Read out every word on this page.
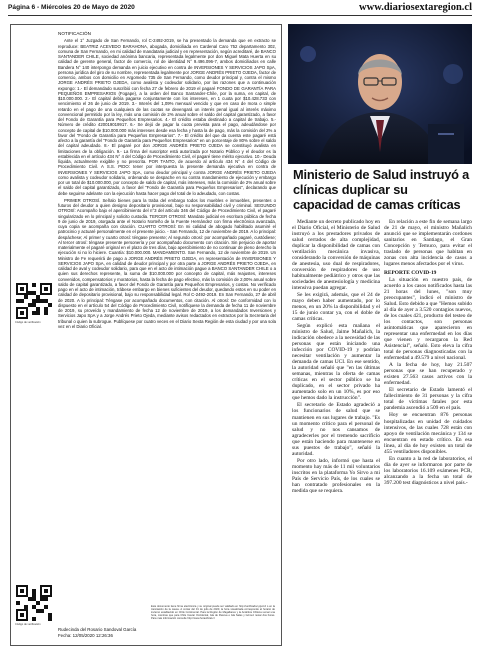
Página 6 - Miércoles 20 de Mayo de 2020	www.diariosextaregion.cl
Código de verificación
Código de verificación
NOTIFICACIÓN

Ante el 1° Juzgado de San Fernando, rol C-2492-2019, se ha presentado la demanda que en extracto se reproduce: BEATRIZ ACEVEDO BARAHONA, abogada, domiciliada en Cardenal Caro 752 departamento 302, comuna de San Fernando, en mi calidad de mandataria judicial y en representación, según acreditaré, de BANCO SANTANDER CHILE, sociedad anónima bancaria, representada legalmente por don Miguel Mata Huerta en su calidad de gerente general, factor de comercio, rol de identidad N° 9.496.096-7, ambos domiciliados en calle Bandera N° 140 interpongo demanda en juicio ejecutivo en contra de INVERSIONES Y SERVICIOS JAPO SpA, persona jurídica del giro de su nombre, representada legalmente por JORGE ANDRÉS PRIETO OJEDA, factor de comercio, ambos con domicilio en Argomedo 735 de San Fernando, como deudor principal y, contra el mismo JORGE ANDRÉS PRIETO OJEDA, como avalista y codeudor solidario, por las razones que a continuación expongo: 1.- El demandado suscribió con fecha 27 de febrero de 2019 el pagaré FONDO DE GARANTÍA PARA PEQUEÑOS EMPRESARIOS (Fogape), a la orden del Banco Santander-Chile, por la suma, en capital, de $10.000.000. 2.- El capital debía pagarse conjuntamente con los intereses, en 1 cuota por $10.428.733 con vencimiento el 26 de junio de 2019. 3.- Interés del 1,09% mensual vencido y que en caso de mora o simple retardo en el pago de una cualquiera de las cuotas se devengará un interés penal igual al interés máximo convencional permitido por la ley, más una comisión de 2% anual sobre el saldo del capital garantizado, a favor del Fondo de Garantía para Pequeños Empresarios. 4.- El crédito estaba destinado a capital de trabajo. 5.- Número de crédito 420019019917. 6.- Se dejó de pagar la cuota prevista para el pago, adeudándose por concepto de capital de $10.000.000 más intereses desde esa fecha y hasta la de pago, más la comisión del 2% a favor del "Fondo de Garantía para Pequeños Empresarios". 7.- El crédito del que da cuenta este pagaré está afecto a la garantía del "Fondo de Garantía para Pequeños Empresarios" en un porcentaje de 80% sobre el saldo del capital adeudado. 8.- El pagaré por don JORGE ANDRÉS PRIETO OJEDA se constituyó avalista en limitaciones de la obligación. 9.- La firma del suscriptor está autorizada por Notario Público y el deudor es la establecida en el artículo 434 N° 4 del Código de Procedimiento Civil, el pagaré tiene mérito ejecutivo. 10.- Deuda líquida, actualmente exigible y no prescrita. POR TANTO, de acuerdo al artículo 434 N° 4 del Código de Procedimiento Civil. A S.S. PIDO: tener por interpuesta la presente demanda ejecutiva en contra de INVERSIONES Y SERVICIOS JAPO SpA, como deudor principal y contra JORGE ANDRÉS PRIETO OJEDA como avalista y codeudor solidario, ordenando se despache en su contra mandamiento de ejecución y embargo por un total de $10.000.000, por concepto de saldo de capital, más intereses, más la comisión de 2% anual sobre el saldo del capital garantizado, a favor del "Fondo de Garantía para Pequeños Empresarios", declarando que debe seguirse adelante con la ejecución hasta hacer pago del total de lo adeudado, con costas.

PRIMER OTROSÍ. Señalo bienes para la traba del embargo todos los muebles e inmuebles, presentes o futuros del deudor a quien designo depositario provisional, bajo su responsabilidad civil y criminal. SEGUNDO OTROSÍ: Acompaño bajo el apercibimiento del n°3 del artículo 346 del Código de Procedimiento Civil, el pagaré singularizado en lo principal y solicito custodia. TERCER OTROSÍ: Mandato judicial en escritura pública de fecha 9 de junio de 2019, otorgada ante el Notario Norteño de la Fuente Hernández con firma electrónica avanzada, cuya copia se acompaña con citación. CUARTO OTROSÍ: En mi calidad de abogado habilitado asumiré el patrocinio y actuaré personalmente en el presente juicio. - San Fernando, 12 de noviembre de 2019. A lo principal: despáchese; Al primer y cuarto otrosí: téngase presente; Al segundo otrosí: por acompañado pagaré, custódiese; Al tercer otrosí: téngase presente personería y por acompañado documento con citación. Sin perjuicio de aportar materialmente el pagaré original en el plazo de tres días, bajo apercibimiento de no continuar de pleno derecho la ejecución si no lo hiciere. Cuantía: $10.000.000. MANDAMIENTO. San Fernando, 12 de noviembre de 2019. Un Ministro de Fe requerirá de pago a JORGE ANDRÉS PRIETO OJEDA, en representación de INVERSIONES Y SERVICIOS JAPO SpA, en calidad de deudor principal y por otra parte a JORGE ANDRÉS PRIETO OJEDA, en calidad de aval y codeudor solidario, para que en el acto de intimación pague a BANCO SANTANDER CHILE o a quien sus derechos represente, la suma de $10.000.000 por concepto de capital, más reajustes, intereses convenidos, compensatorios y moratorios, hasta la fecha de pago efectivo, más la comisión de 2,00% anual sobre saldo de capital garantizado, a favor del Fondo de Garantía para Pequeños Empresarios, y costas. No verificado pago en el acto de intimación, trábese embargo en bienes suficientes del deudor, quedando estos en su poder en calidad de depositario provisional, bajo su responsabilidad legal. Rol C-2492-2019. En San Fernando, 27 de abril de 2020. A lo principal: Téngase por acompañado documentos, con citación. Al otrosí: De conformidad con lo dispuesto en el artículo 54 del Código de Procedimiento Civil, notifíquese la demanda de fecha 11 de noviembre de 2019, su proveído y mandamiento de fecha 12 de noviembre de 2019, a los demandados Inversiones y Servicios Japo SpA y a Jorge Andrés Prieto Ojeda, mediante avisos redactados en extractos por la Secretaria del tribunal o quien la subrogue. Publíquese por cuatro veces en el Diario Sexta Región de esta ciudad y por una sola vez en el Diario Oficial.

Este documento tiene firma electrónica y su original puede ser validado en http://verificadoc.pjud.cl o en la tramitación de la causa. A contar del 01 de julio de 2020, la hora visualizada corresponde al horario de invierno establecido en Chile Continental. Para la Región de Magallanes y la Antártica Chilena sumar una hora, mientras que para Chile Insular Occidental, Isla de Pascua e Isla Salas y Gómez restar dos horas. Para más información consulte http://www.horaoficial.cl
Rudecinda del Rosario Sandoval García
Fecha: 12/05/2020 12:26:36
Ministerio de Salud instruyó a clínicas duplicar su capacidad de camas críticas

Mediante un decreto publicado hoy en el Diario Oficial, el Ministerio de Salud instruyó a los prestadores privados de salud cerrados de alta complejidad, duplicar la disponibilidad de camas con ventilación mecánica invasiva, considerando la conversión de máquinas de anestesia, uso dual de respiradores, conversión de respiradores de uso habitualmente pediátrico y otros que las sociedades de anestesiología y medicina intensiva puedan agregar.

Se les exigirá, además, que el 24 de mayo deben haber aumentado, por lo menos, en un 20% la disponibilidad y el 15 de junio contar ya, con el doble de camas críticas.

Según explicó esta mañana el ministro de Salud, Jaime Mañalich, la indicación obedece a la necesidad de las personas que están iniciando una infección por COVID-19 y podrían necesitar ventilación y aumentar la demanda de camas UCI. En ese sentido, la autoridad señaló que "en las últimas semanas, mientras la oferta de camas críticas en el sector público se ha duplicado, en el sector privado ha aumentado solo en un 10%, es por eso que hemos dado la instrucción".

El secretario de Estado agradeció a los funcionarios de salud que se mantienen en sus lugares de trabajo. "Es un momento crítico para el personal de salud y no nos cansamos de agradecerles por el tremendo sacrificio que están haciendo para mantenerse en sus puestos de trabajo", señaló la autoridad.

Por otro lado, informó que hasta el momento hay más de 11 mil voluntarios inscritos en la plataforma Yo Sirvo a mi País de Servicio País, de los cuales se han contratado profesionales en la medida que se requiera.

En relación a este fin de semana largo de 21 de mayo, el ministro Mañalich anunció que se implementarán cordones sanitarios en Santiago, el Gran Concepción y Temuco, para evitar el traslado de personas que habitan en zonas con alta incidencia de casos a lugares menos afectados por el virus.

REPORTE COVID-19

La situación en nuestro país, de acuerdo a los casos notificados hasta las 21 horas del lunes, "son muy preocupantes", indicó el ministro de Salud. Esto debido a que "Hemos subido al día de ayer a 3.520 contagios nuevos, de los cuales 421, producto del testeo de los contactos, son personas asintomáticas que aparecieron en representar una enfermedad en los días que vienen y recargaron la Red Asistencial", señaló. Esto eleva la cifra total de personas diagnosticadas con la enfermedad a 49.579 a nivel nacional.

A la fecha de hoy, hay 21.507 personas que se han recuperado y existen 27.563 casos activos con la enfermedad.

El secretario de Estado lamentó el fallecimiento de 31 personas y la cifra total de víctimas fatales por esta pandemia ascendió a 509 en el país.

Hoy se encuentran 876 personas hospitalizadas en unidad de cuidados intensivos, de las cuales 728 están con apoyo de ventilación mecánica y 134 se encuentran en estado crítico. En esa línea, al día de hoy existen un total de 455 ventiladores disponibles.

En cuanto a la red de laboratorios, el día de ayer se informaron por parte de los laboratorios 16.109 exámenes PCR, alcanzando a la fecha un total de 397.200 test diagnósticos a nivel país.-
